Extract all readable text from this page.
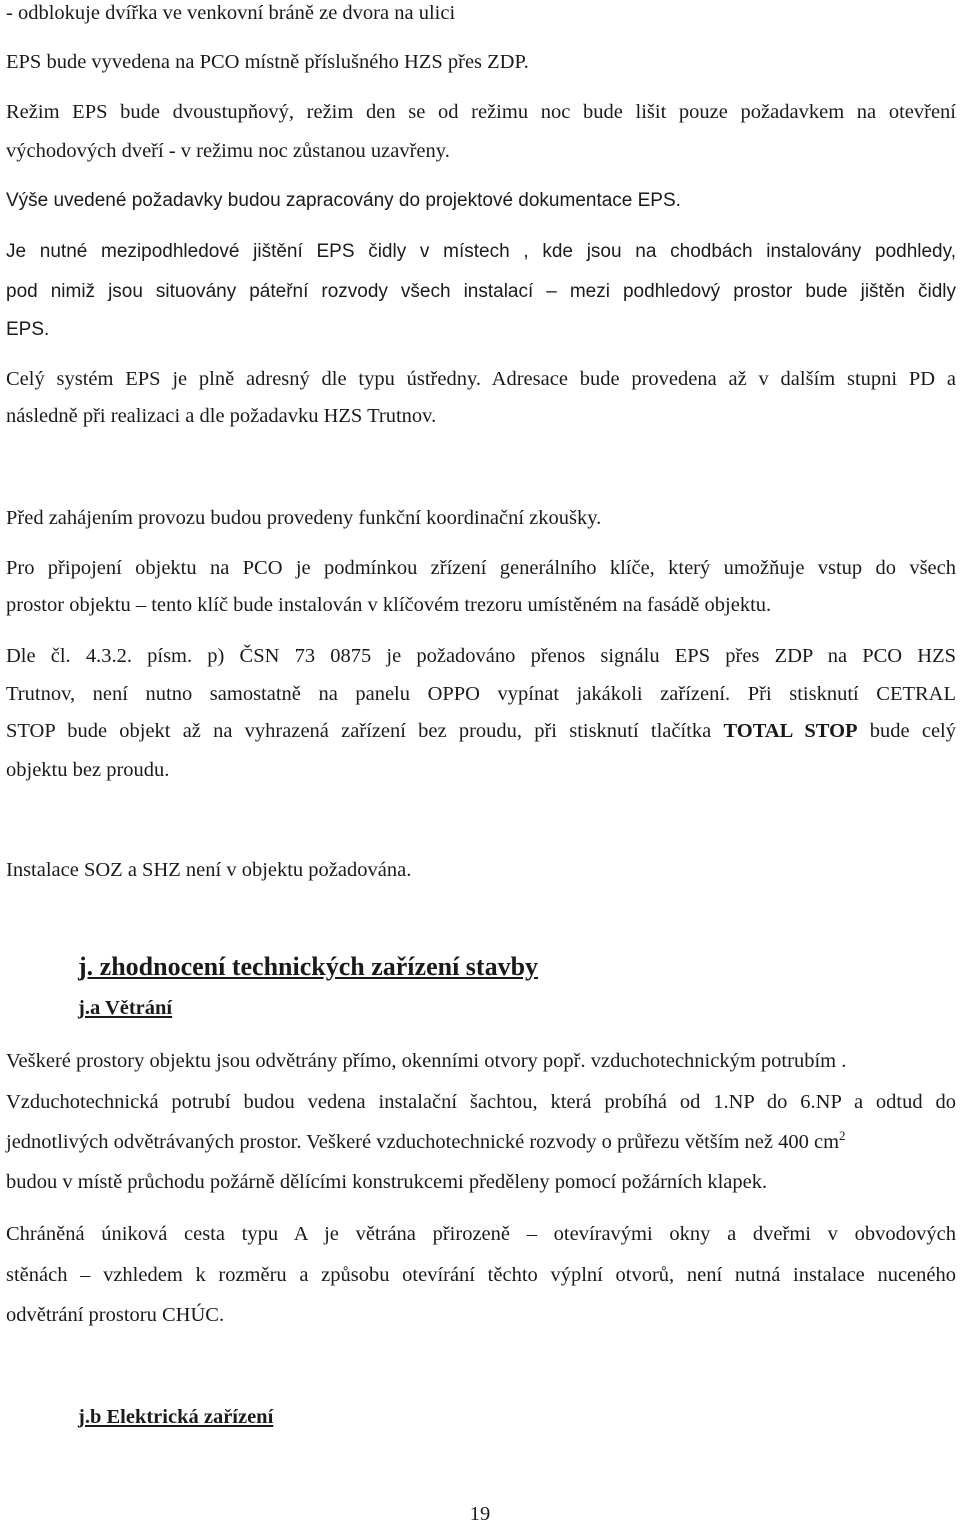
- odblokuje dvířka ve venkovní bráně ze dvora na ulici

EPS bude vyvedena na PCO místně příslušného HZS přes ZDP.

Režim EPS bude dvoustupňový, režim den se od režimu noc bude lišit pouze požadavkem na otevření

východových dveří - v režimu noc zůstanou uzavřeny.

Výše uvedené požadavky budou zapracovány do projektové dokumentace EPS.

Je nutné mezipodhledové jištění EPS čidly v místech , kde jsou na chodbách instalovány podhledy,

pod nimiž jsou situovány páteřní rozvody všech instalací – mezi podhledový prostor bude jištěn čidly

EPS.

Celý systém EPS je plně adresný dle typu ústředny. Adresace bude provedena až v dalším stupni PD a

následně při realizaci a dle požadavku HZS Trutnov.

Před zahájením provozu budou provedeny funkční koordinační zkoušky.

Pro připojení objektu na PCO je podmínkou zřízení generálního klíče, který umožňuje vstup do všech

prostor objektu – tento klíč bude instalován v klíčovém trezoru umístěném na fasádě objektu.

Dle čl. 4.3.2. písm. p) ČSN 73 0875 je požadováno přenos signálu EPS přes ZDP na PCO HZS

Trutnov, není nutno samostatně na panelu OPPO vypínat jakákoli zařízení. Při stisknutí CETRAL

STOP bude objekt až na vyhrazená zařízení bez proudu, při stisknutí tlačítka TOTAL STOP bude celý

objektu bez proudu.

Instalace SOZ a SHZ není v objektu požadována.

j. zhodnocení technických zařízení stavby
j.a Větrání

Veškeré prostory objektu jsou odvětrány přímo, okenními otvory popř. vzduchotechnickým potrubím .

Vzduchotechnická potrubí budou vedena instalační šachtou, která probíhá od 1.NP do 6.NP a odtud do

jednotlivých odvětrávaných prostor. Veškeré vzduchotechnické rozvody o průřezu větším než 400 $cm^2$

budou v místě průchodu požárně dělícími konstrukcemi předěleny pomocí požárních klapek.

Chráněná úniková cesta typu A je větrána přirozeně – otevíravými okny a dveřmi v obvodových

stěnách – vzhledem k rozměru a způsobu otevírání těchto výplní otvorů, není nutná instalace nuceného

odvětrání prostoru CHÚC.

j.b Elektrická zařízení

19
